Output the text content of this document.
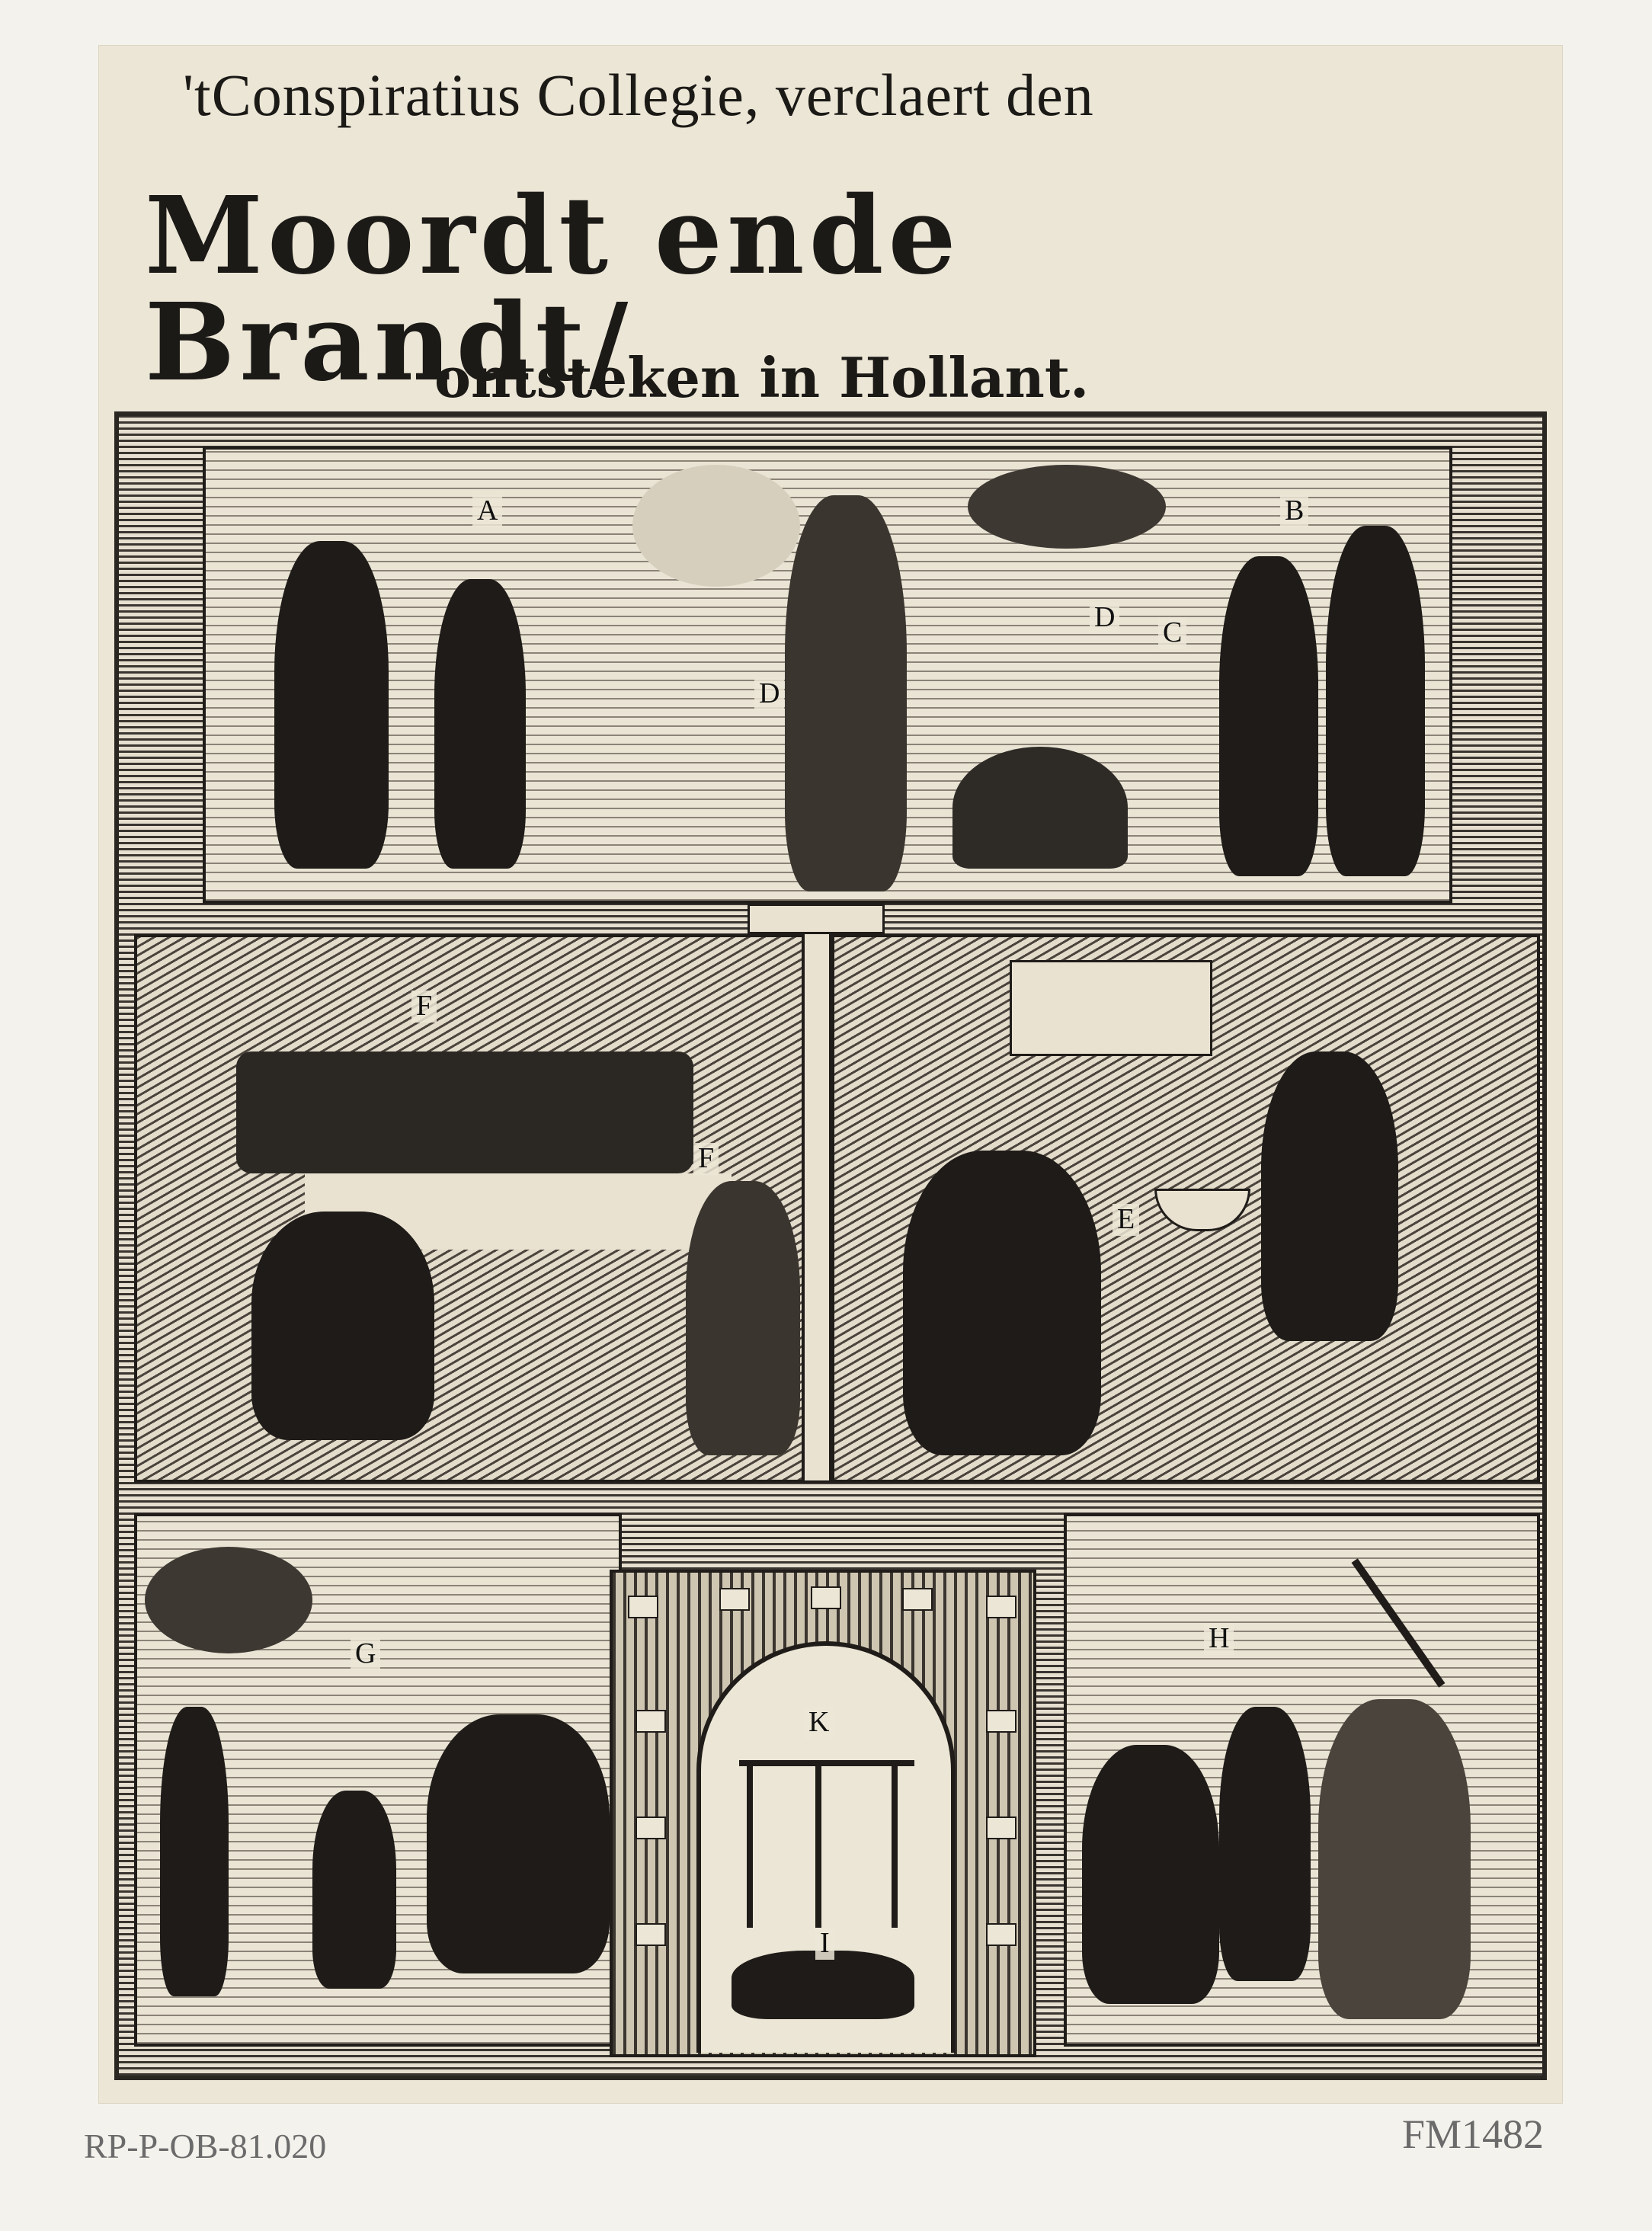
'tConspiratius Collegie, verclaert den
Moordt ende Brandt/
ontsteken in Hollant.
A	B
D
D C
F
F
E
G	H
K
I
RP-P-OB-81.020	FM1482
